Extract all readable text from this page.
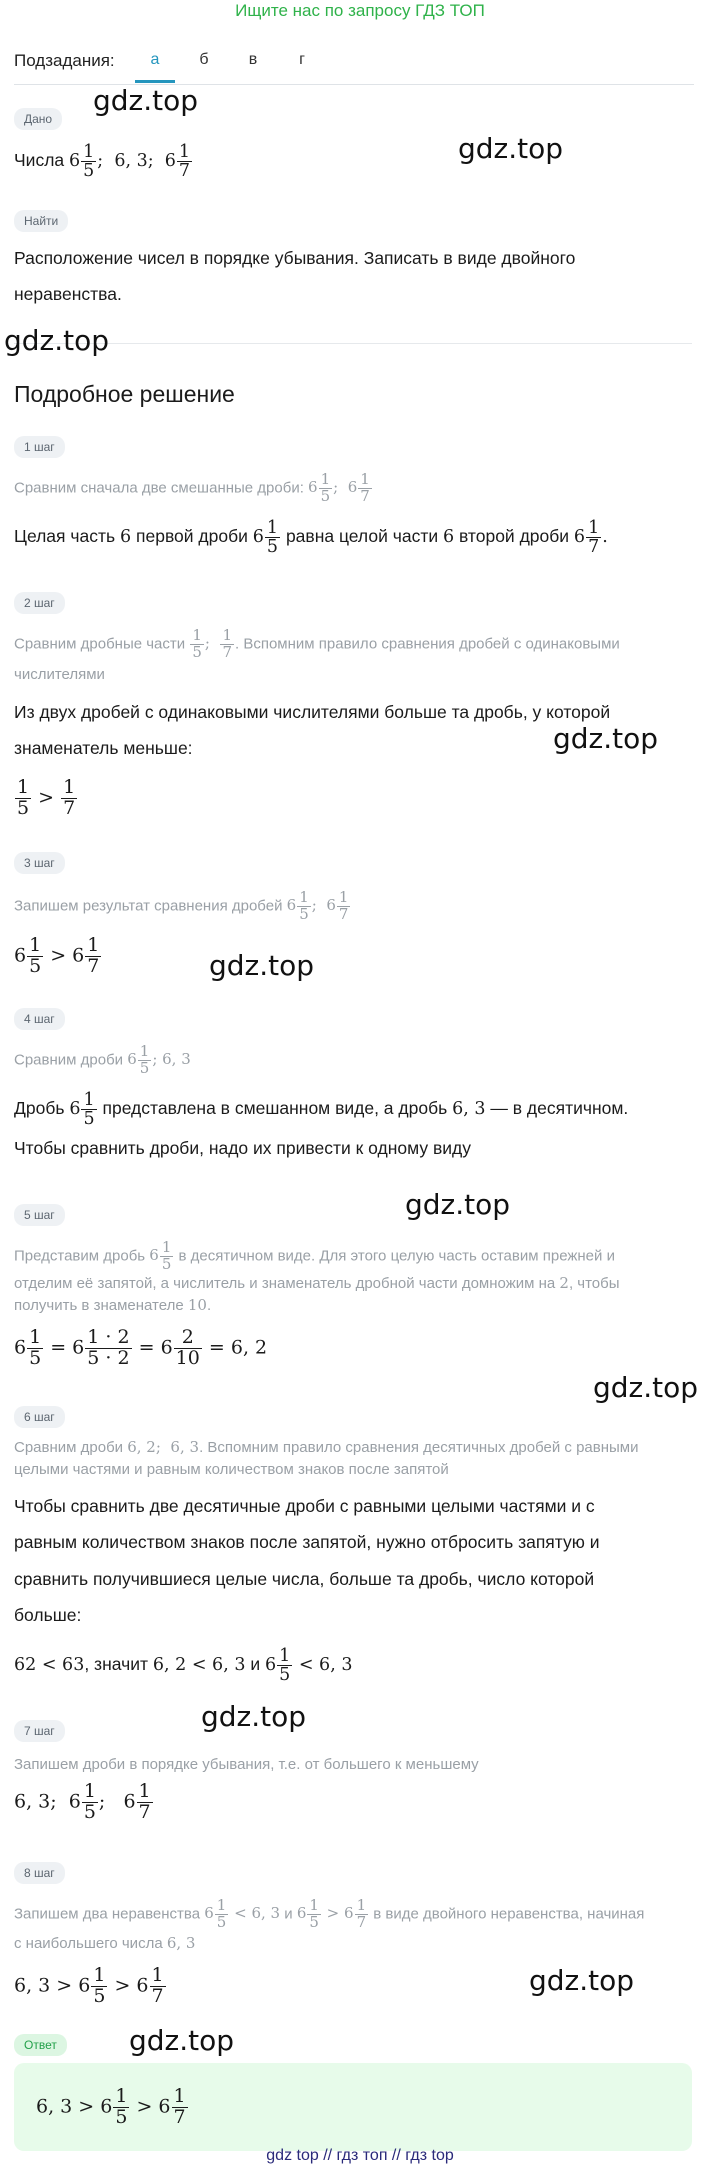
Ищите нас по запросу ГДЗ ТОП
Подзадания:	а	б	в	г
Дано
Числа $6 \frac{1}{5}$ ;  6, 3;  $6 \frac{1}{7}$
Найти
Расположение чисел в порядке убывания. Записать в виде двойного
неравенства.
Подробное решение
1 шаг
Сравним сначала две смешанные дроби: $6 \frac{1}{5}$ ;  $6 \frac{1}{7}$
Целая часть 6 первой дроби $6 \frac{1}{5}$ равна целой части 6 второй дроби $6 \frac{1}{7}$ .
2 шаг
Сравним дробные части $\frac{1}{5}$ ; $\frac{1}{7}$ . Вспомним правило сравнения дробей с одинаковыми
числителями
Из двух дробей с одинаковыми числителями больше та дробь, у которой
знаменатель меньше:
$\frac{1}{5} > \frac{1}{7}$
3 шаг
Запишем результат сравнения дробей $6 \frac{1}{5}$ ;  $6 \frac{1}{7}$
$6 \frac{1}{5} > 6 \frac{1}{7}$
4 шаг
Сравним дроби $6 \frac{1}{5}$ ; 6, 3
Дробь $6 \frac{1}{5}$ представлена в смешанном виде, а дробь 6, 3 — в десятичном.
Чтобы сравнить дроби, надо их привести к одному виду
5 шаг
Представим дробь $6 \frac{1}{5}$ в десятичном виде. Для этого целую часть оставим прежней и
отделим её запятой, а числитель и знаменатель дробной части домножим на 2, чтобы
получить в знаменателе 10.
$6 \frac{1}{5} = 6 \frac{1 \cdot 2}{5 \cdot 2} = 6 \frac{2}{10} = 6$, 2
6 шаг
Сравним дроби 6, 2;  6, 3. Вспомним правило сравнения десятичных дробей с равными
целыми частями и равным количеством знаков после запятой
Чтобы сравнить две десятичные дроби с равными целыми частями и с
равным количеством знаков после запятой, нужно отбросить запятую и
сравнить получившиеся целые числа, больше та дробь, число которой
больше:
62 < 63, значит 6, 2 < 6, 3 и $6 \frac{1}{5} < 6$, 3
7 шаг
Запишем дроби в порядке убывания, т.е. от большего к меньшему
6, 3;  $6 \frac{1}{5}$ ;   $6 \frac{1}{7}$
8 шаг
Запишем два неравенства $6 \frac{1}{5} < 6$, 3 и $6 \frac{1}{5} > 6 \frac{1}{7}$ в виде двойного неравенства, начиная
с наибольшего числа 6, 3
6, $3 > 6 \frac{1}{5} > 6 \frac{1}{7}$
Ответ
6, $3 > 6 \frac{1}{5} > 6 \frac{1}{7}$
gdz.top
gdz.top
gdz.top
gdz.top
gdz.top
gdz.top
gdz.top
gdz.top
gdz.top
gdz.top
gdz top // гдз топ // гдз top
